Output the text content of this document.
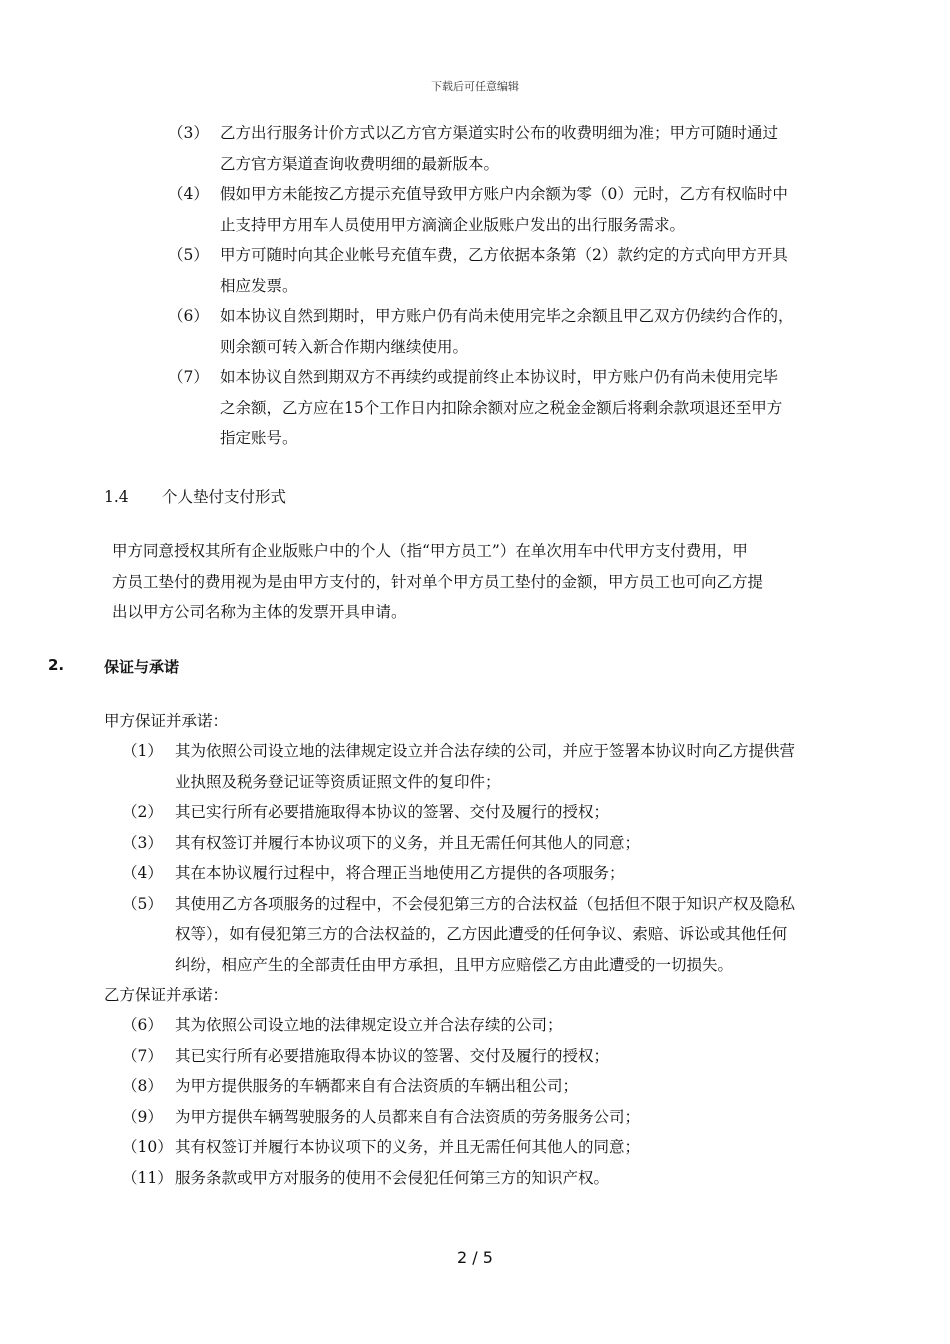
下载后可任意编辑
（3） 乙方出行服务计价方式以乙方官方渠道实时公布的收费明细为准；甲方可随时通过
乙方官方渠道查询收费明细的最新版本。
（4） 假如甲方未能按乙方提示充值导致甲方账户内余额为零（0）元时，乙方有权临时中
止支持甲方用车人员使用甲方滴滴企业版账户发出的出行服务需求。
（5） 甲方可随时向其企业帐号充值车费，乙方依据本条第（2）款约定的方式向甲方开具
相应发票。
（6） 如本协议自然到期时，甲方账户仍有尚未使用完毕之余额且甲乙双方仍续约合作的，
则余额可转入新合作期内继续使用。
（7） 如本协议自然到期双方不再续约或提前终止本协议时，甲方账户仍有尚未使用完毕
之余额，乙方应在15个工作日内扣除余额对应之税金金额后将剩余款项退还至甲方
指定账号。
1.4	个人垫付支付形式
甲方同意授权其所有企业版账户中的个人（指“甲方员工”）在单次用车中代甲方支付费用，甲
方员工垫付的费用视为是由甲方支付的，针对单个甲方员工垫付的金额，甲方员工也可向乙方提
出以甲方公司名称为主体的发票开具申请。
2.	保证与承诺
甲方保证并承诺：
（1） 其为依照公司设立地的法律规定设立并合法存续的公司，并应于签署本协议时向乙方提供营
业执照及税务登记证等资质证照文件的复印件；
（2） 其已实行所有必要措施取得本协议的签署、交付及履行的授权；
（3） 其有权签订并履行本协议项下的义务，并且无需任何其他人的同意；
（4） 其在本协议履行过程中，将合理正当地使用乙方提供的各项服务；
（5） 其使用乙方各项服务的过程中，不会侵犯第三方的合法权益（包括但不限于知识产权及隐私
权等），如有侵犯第三方的合法权益的，乙方因此遭受的任何争议、索赔、诉讼或其他任何
纠纷，相应产生的全部责任由甲方承担，且甲方应赔偿乙方由此遭受的一切损失。
乙方保证并承诺：
（6） 其为依照公司设立地的法律规定设立并合法存续的公司；
（7） 其已实行所有必要措施取得本协议的签署、交付及履行的授权；
（8） 为甲方提供服务的车辆都来自有合法资质的车辆出租公司；
（9） 为甲方提供车辆驾驶服务的人员都来自有合法资质的劳务服务公司；
（10） 其有权签订并履行本协议项下的义务，并且无需任何其他人的同意；
（11） 服务条款或甲方对服务的使用不会侵犯任何第三方的知识产权。
2 / 5
